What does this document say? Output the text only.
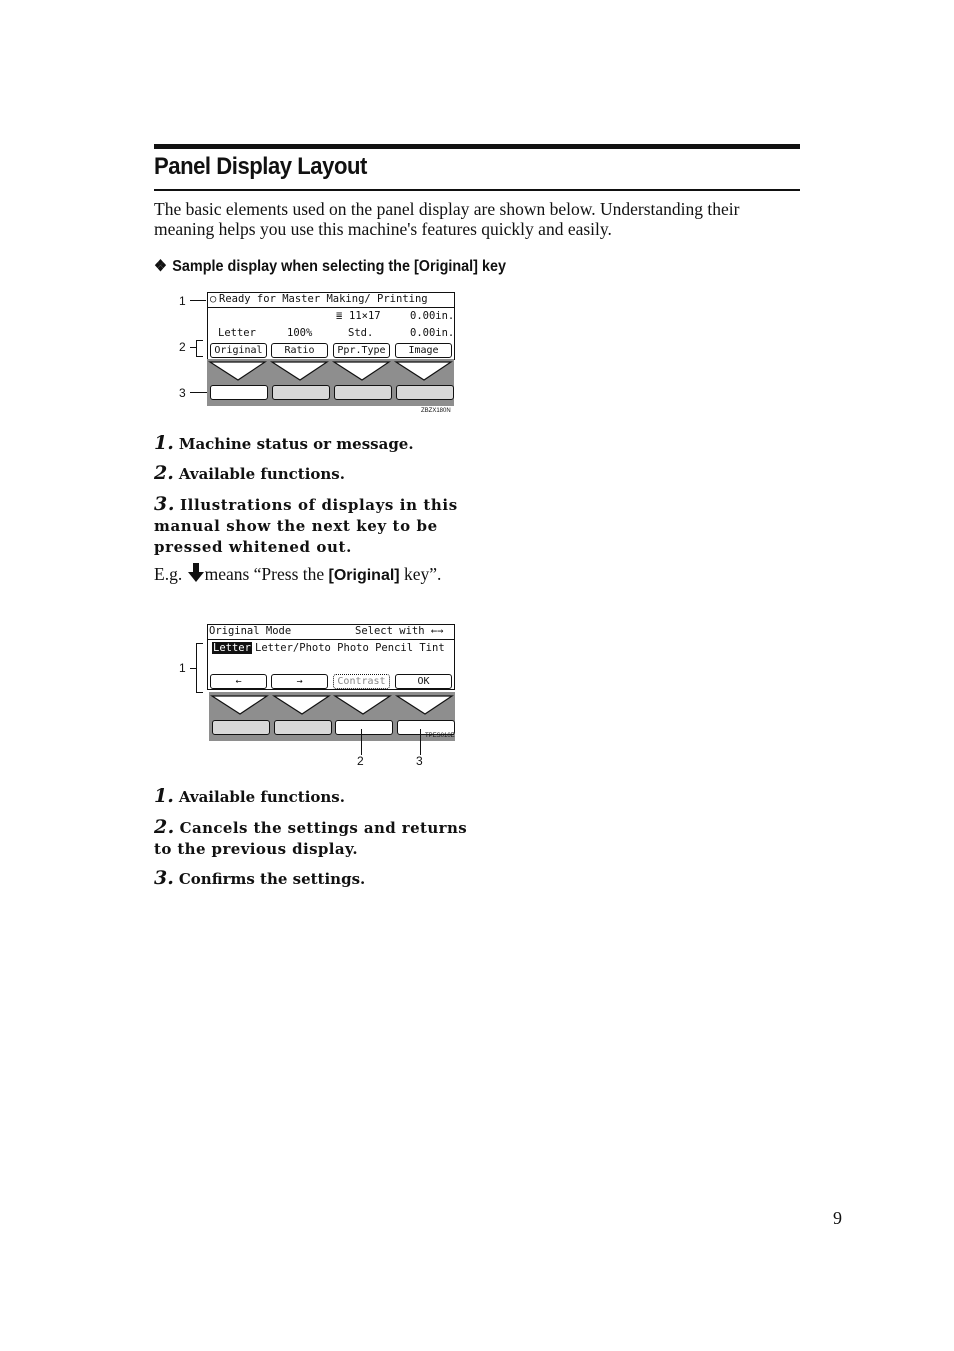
Panel Display Layout

The basic elements used on the panel display are shown below. Understanding their meaning helps you use this machine's features quickly and easily.

❖ Sample display when selecting the [Original] key

1
2
3
○ Ready for Master Making/ Printing
≣ 11×17	0.00in.
Letter	100%	Std.	0.00in.
Original	Ratio	Ppr.Type	Image
ZBZX180N

1. Machine status or message.

2. Available functions.

3. Illustrations of displays in this manual show the next key to be pressed whitened out.

E.g. means “Press the [Original] key”.

1
Original Mode	Select with ←→
Letter Letter/Photo Photo Pencil Tint
←	→	Contrast	OK
TPES010E
2	3

1. Available functions.

2. Cancels the settings and returns to the previous display.

3. Confirms the settings.

9
